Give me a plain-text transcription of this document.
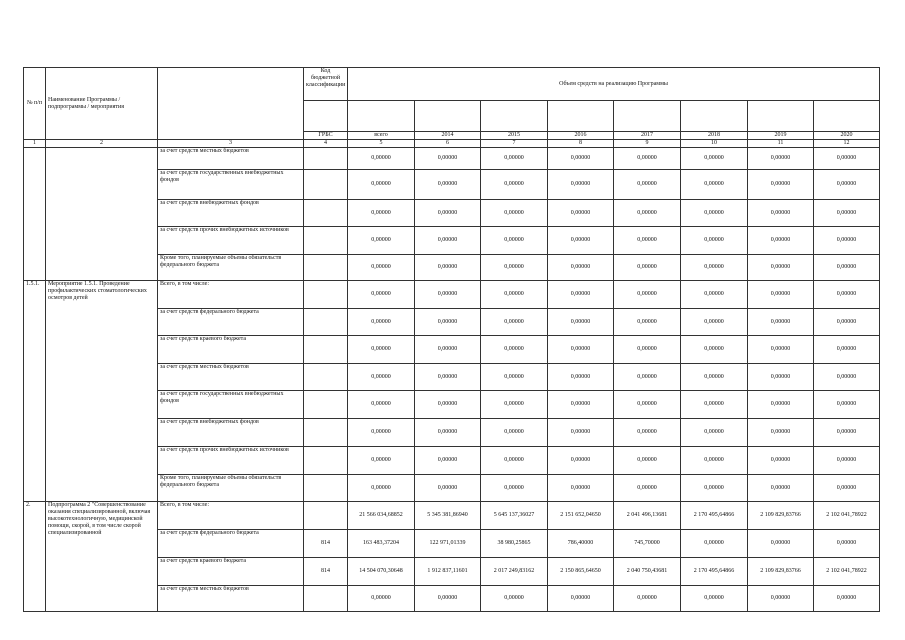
№ п/п	Наименование Программы / подпрограммы / мероприятия		Код бюджетной классификации	Объем средств на реализацию Программы							

			ГРБС	всего	2014	2015	2016	2017	2018	2019	2020
1	2	3	4	5	6	7	8	9	10	11	12
		за счет средств местных бюджетов		0,00000	0,00000	0,00000	0,00000	0,00000	0,00000	0,00000	0,00000
		за счет средств государственных внебюджетных фондов		0,00000	0,00000	0,00000	0,00000	0,00000	0,00000	0,00000	0,00000
		за счет средств внебюджетных фондов		0,00000	0,00000	0,00000	0,00000	0,00000	0,00000	0,00000	0,00000
		за счет средств прочих внебюджетных источников		0,00000	0,00000	0,00000	0,00000	0,00000	0,00000	0,00000	0,00000
		Кроме того, планируемые объемы обязательств федерального бюджета		0,00000	0,00000	0,00000	0,00000	0,00000	0,00000	0,00000	0,00000
1.5.1.	Мероприятие 1.5.1. Проведение профилактических стоматологических осмотров детей	Всего, в том числе:		0,00000	0,00000	0,00000	0,00000	0,00000	0,00000	0,00000	0,00000
		за счет средств федерального бюджета		0,00000	0,00000	0,00000	0,00000	0,00000	0,00000	0,00000	0,00000
		за счет средств краевого бюджета		0,00000	0,00000	0,00000	0,00000	0,00000	0,00000	0,00000	0,00000
		за счет средств местных бюджетов		0,00000	0,00000	0,00000	0,00000	0,00000	0,00000	0,00000	0,00000
		за счет средств государственных внебюджетных фондов		0,00000	0,00000	0,00000	0,00000	0,00000	0,00000	0,00000	0,00000
		за счет средств внебюджетных фондов		0,00000	0,00000	0,00000	0,00000	0,00000	0,00000	0,00000	0,00000
		за счет средств прочих внебюджетных источников		0,00000	0,00000	0,00000	0,00000	0,00000	0,00000	0,00000	0,00000
		Кроме того, планируемые объемы обязательств федерального бюджета		0,00000	0,00000	0,00000	0,00000	0,00000	0,00000	0,00000	0,00000
2.	Подпрограмма 2 "Совершенствование оказания специализированной, включая высокотехнологичную, медицинской помощи, скорой, в том числе скорой специализированной	Всего, в том числе:		21 566 034,68852	5 345 381,86940	5 645 137,36027	2 151 652,04650	2 041 496,13681	2 170 495,64866	2 109 829,83766	2 102 041,78922
		за счет средств федерального бюджета	814	163 483,37204	122 971,01339	38 980,25865	786,40000	745,70000	0,00000	0,00000	0,00000
		за счет средств краевого бюджета	814	14 504 070,30648	1 912 837,11601	2 017 249,83162	2 150 865,64650	2 040 750,43681	2 170 495,64866	2 109 829,83766	2 102 041,78922
		за счет средств местных бюджетов		0,00000	0,00000	0,00000	0,00000	0,00000	0,00000	0,00000	0,00000
